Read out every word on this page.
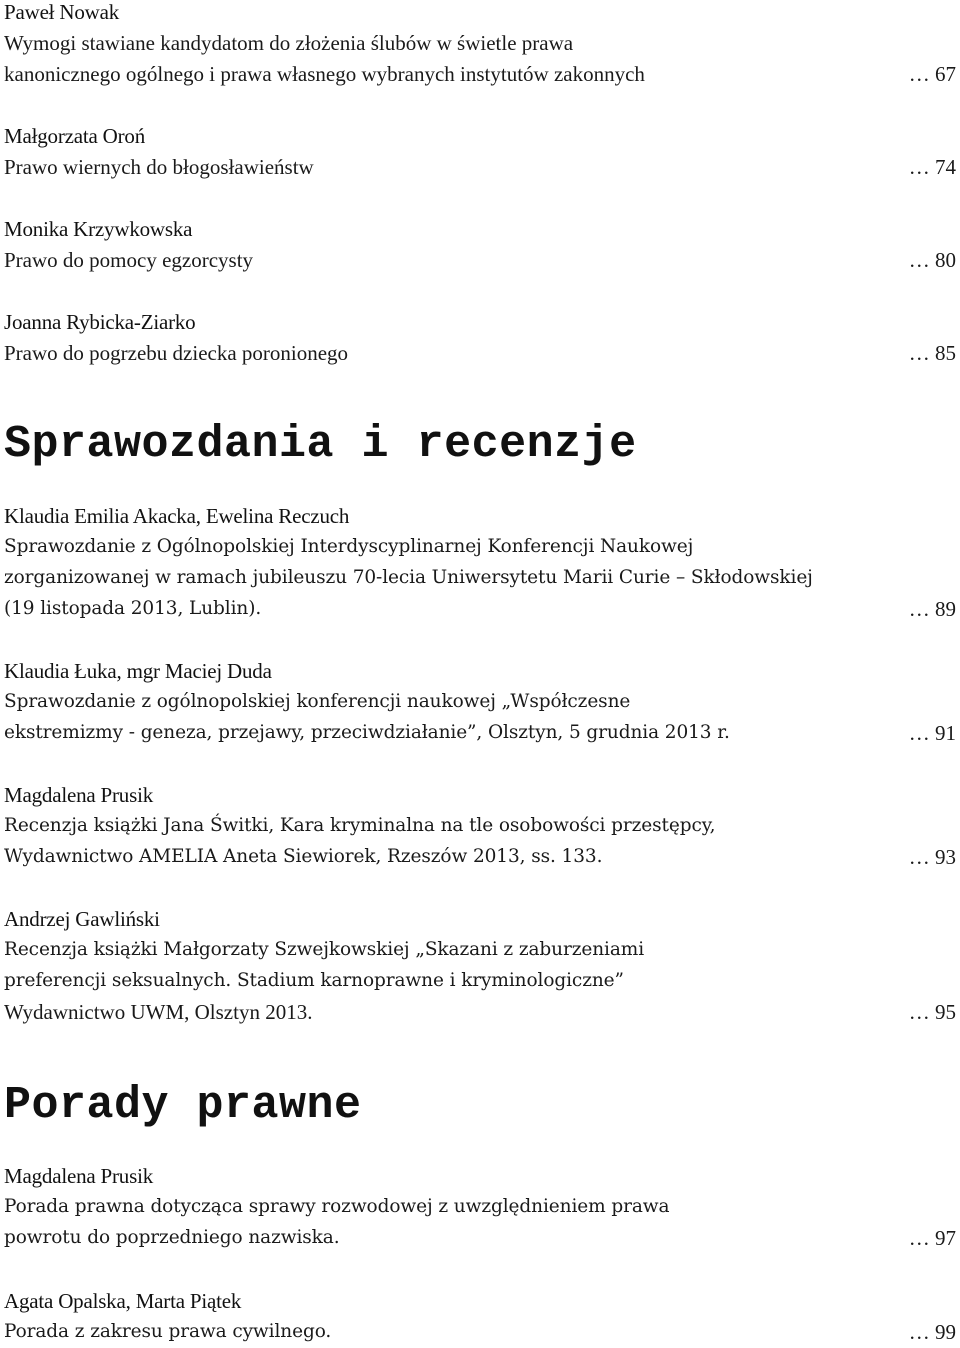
Paweł Nowak
Wymogi stawiane kandydatom do złożenia ślubów w świetle prawa
kanonicznego ogólnego i prawa własnego wybranych instytutów zakonnych	… 67
Małgorzata Oroń
Prawo wiernych do błogosławieństw	… 74
Monika Krzywkowska
Prawo do pomocy egzorcysty	… 80
Joanna Rybicka-Ziarko
Prawo do pogrzebu dziecka poronionego	… 85
Sprawozdania i recenzje
Klaudia Emilia Akacka, Ewelina Reczuch
Sprawozdanie z Ogólnopolskiej Interdyscyplinarnej Konferencji Naukowej
zorganizowanej w ramach jubileuszu 70-lecia Uniwersytetu Marii Curie – Skłodowskiej
(19 listopada 2013, Lublin).	… 89
Klaudia Łuka, mgr Maciej Duda
Sprawozdanie z ogólnopolskiej konferencji naukowej „Współczesne
ekstremizmy - geneza, przejawy, przeciwdziałanie”, Olsztyn, 5 grudnia 2013 r.	… 91
Magdalena Prusik
Recenzja książki Jana Świtki, Kara kryminalna na tle osobowości przestępcy,
Wydawnictwo AMELIA Aneta Siewiorek, Rzeszów 2013, ss. 133.	… 93
Andrzej Gawliński
Recenzja książki Małgorzaty Szwejkowskiej „Skazani z zaburzeniami
preferencji seksualnych. Stadium karnoprawne i kryminologiczne”
Wydawnictwo UWM, Olsztyn 2013.	… 95
Porady prawne
Magdalena Prusik
Porada prawna dotycząca sprawy rozwodowej z uwzględnieniem prawa
powrotu do poprzedniego nazwiska.	… 97
Agata Opalska, Marta Piątek
Porada z zakresu prawa cywilnego.	… 99
